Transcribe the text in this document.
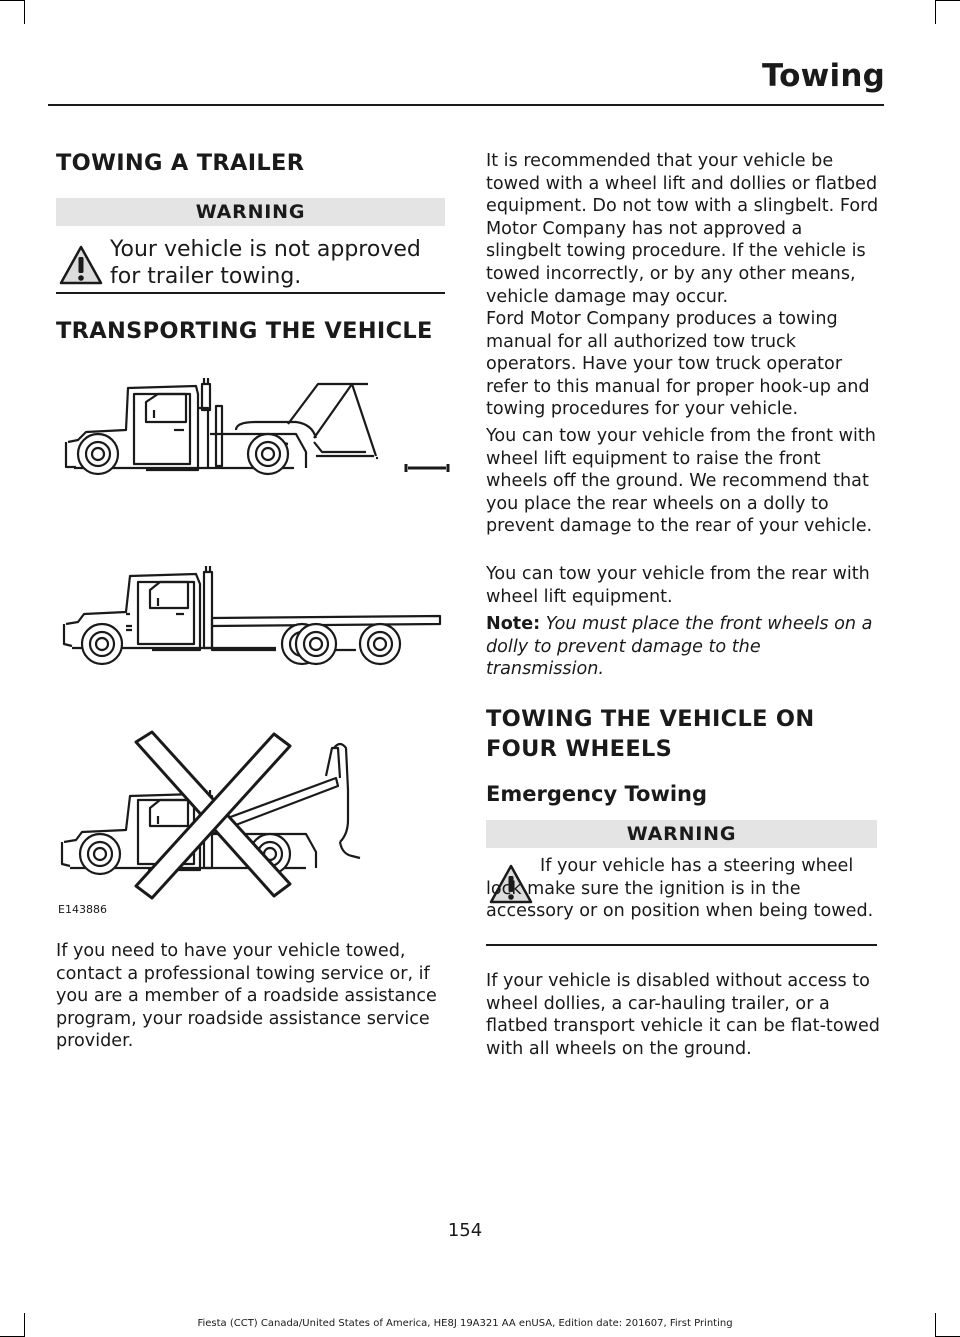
Towing
TOWING A TRAILER
WARNING
Your vehicle is not approved for trailer towing.
TRANSPORTING THE VEHICLE
E143886
If you need to have your vehicle towed, contact a professional towing service or, if you are a member of a roadside assistance program, your roadside assistance service provider.
It is recommended that your vehicle be towed with a wheel lift and dollies or flatbed equipment. Do not tow with a slingbelt. Ford Motor Company has not approved a slingbelt towing procedure. If the vehicle is towed incorrectly, or by any other means, vehicle damage may occur.
Ford Motor Company produces a towing manual for all authorized tow truck operators. Have your tow truck operator refer to this manual for proper hook-up and towing procedures for your vehicle.
You can tow your vehicle from the front with wheel lift equipment to raise the front wheels off the ground. We recommend that you place the rear wheels on a dolly to prevent damage to the rear of your vehicle.
You can tow your vehicle from the rear with wheel lift equipment.
Note: You must place the front wheels on a dolly to prevent damage to the transmission.
TOWING THE VEHICLE ON
FOUR WHEELS
Emergency Towing
WARNING
If your vehicle has a steering wheel lock make sure the ignition is in the accessory or on position when being towed.
If your vehicle is disabled without access to wheel dollies, a car-hauling trailer, or a flatbed transport vehicle it can be flat-towed with all wheels on the ground.
154
Fiesta (CCT) Canada/United States of America, HE8J 19A321 AA enUSA, Edition date: 201607, First Printing
